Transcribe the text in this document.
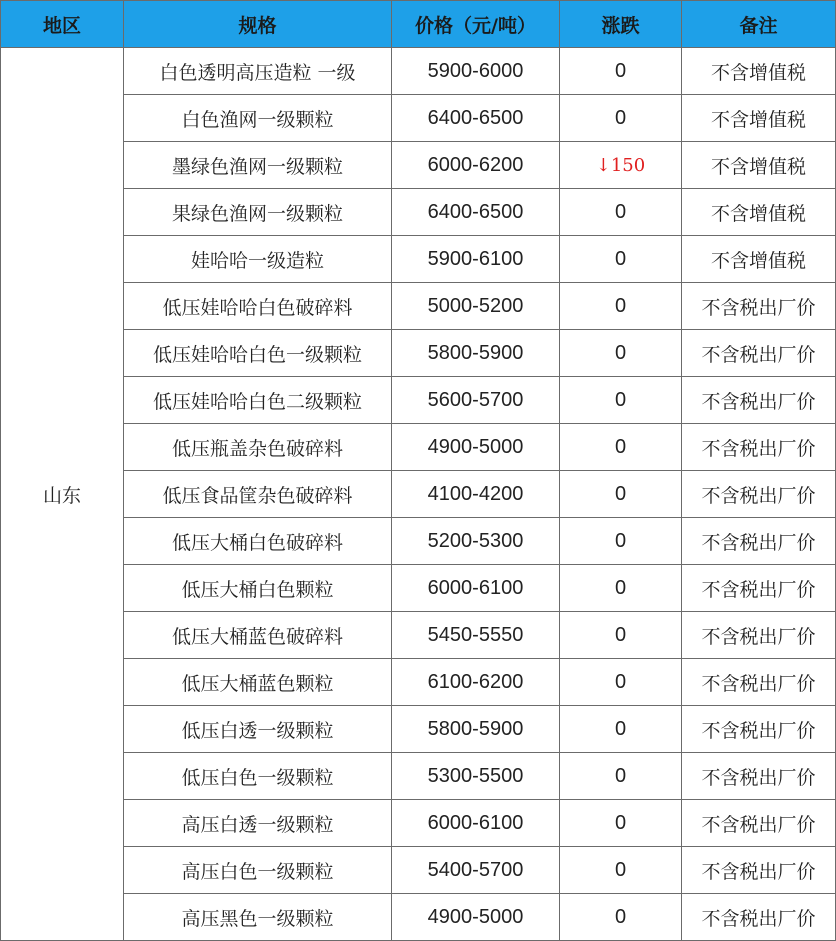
地区	规格	价格（元/吨）	涨跌	备注
山东	白色透明高压造粒 一级	5900-6000	0	不含增值税
	白色渔网一级颗粒	6400-6500	0	不含增值税
	墨绿色渔网一级颗粒	6000-6200	↓150	不含增值税
	果绿色渔网一级颗粒	6400-6500	0	不含增值税
	娃哈哈一级造粒	5900-6100	0	不含增值税
	低压娃哈哈白色破碎料	5000-5200	0	不含税出厂价
	低压娃哈哈白色一级颗粒	5800-5900	0	不含税出厂价
	低压娃哈哈白色二级颗粒	5600-5700	0	不含税出厂价
	低压瓶盖杂色破碎料	4900-5000	0	不含税出厂价
	低压食品筐杂色破碎料	4100-4200	0	不含税出厂价
	低压大桶白色破碎料	5200-5300	0	不含税出厂价
	低压大桶白色颗粒	6000-6100	0	不含税出厂价
	低压大桶蓝色破碎料	5450-5550	0	不含税出厂价
	低压大桶蓝色颗粒	6100-6200	0	不含税出厂价
	低压白透一级颗粒	5800-5900	0	不含税出厂价
	低压白色一级颗粒	5300-5500	0	不含税出厂价
	高压白透一级颗粒	6000-6100	0	不含税出厂价
	高压白色一级颗粒	5400-5700	0	不含税出厂价
	高压黑色一级颗粒	4900-5000	0	不含税出厂价
